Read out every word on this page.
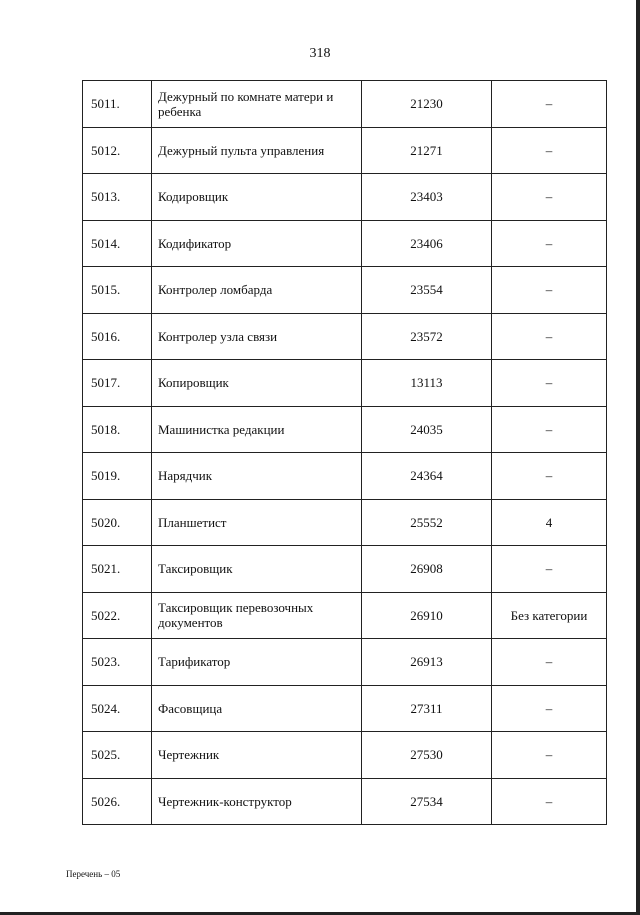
318
5011.	Дежурный по комнате матери и ребенка	21230	–
5012.	Дежурный пульта управления	21271	–
5013.	Кодировщик	23403	–
5014.	Кодификатор	23406	–
5015.	Контролер ломбарда	23554	–
5016.	Контролер узла связи	23572	–
5017.	Копировщик	13113	–
5018.	Машинистка редакции	24035	–
5019.	Нарядчик	24364	–
5020.	Планшетист	25552	4
5021.	Таксировщик	26908	–
5022.	Таксировщик перевозочных документов	26910	Без категории
5023.	Тарификатор	26913	–
5024.	Фасовщица	27311	–
5025.	Чертежник	27530	–
5026.	Чертежник-конструктор	27534	–
Перечень – 05
